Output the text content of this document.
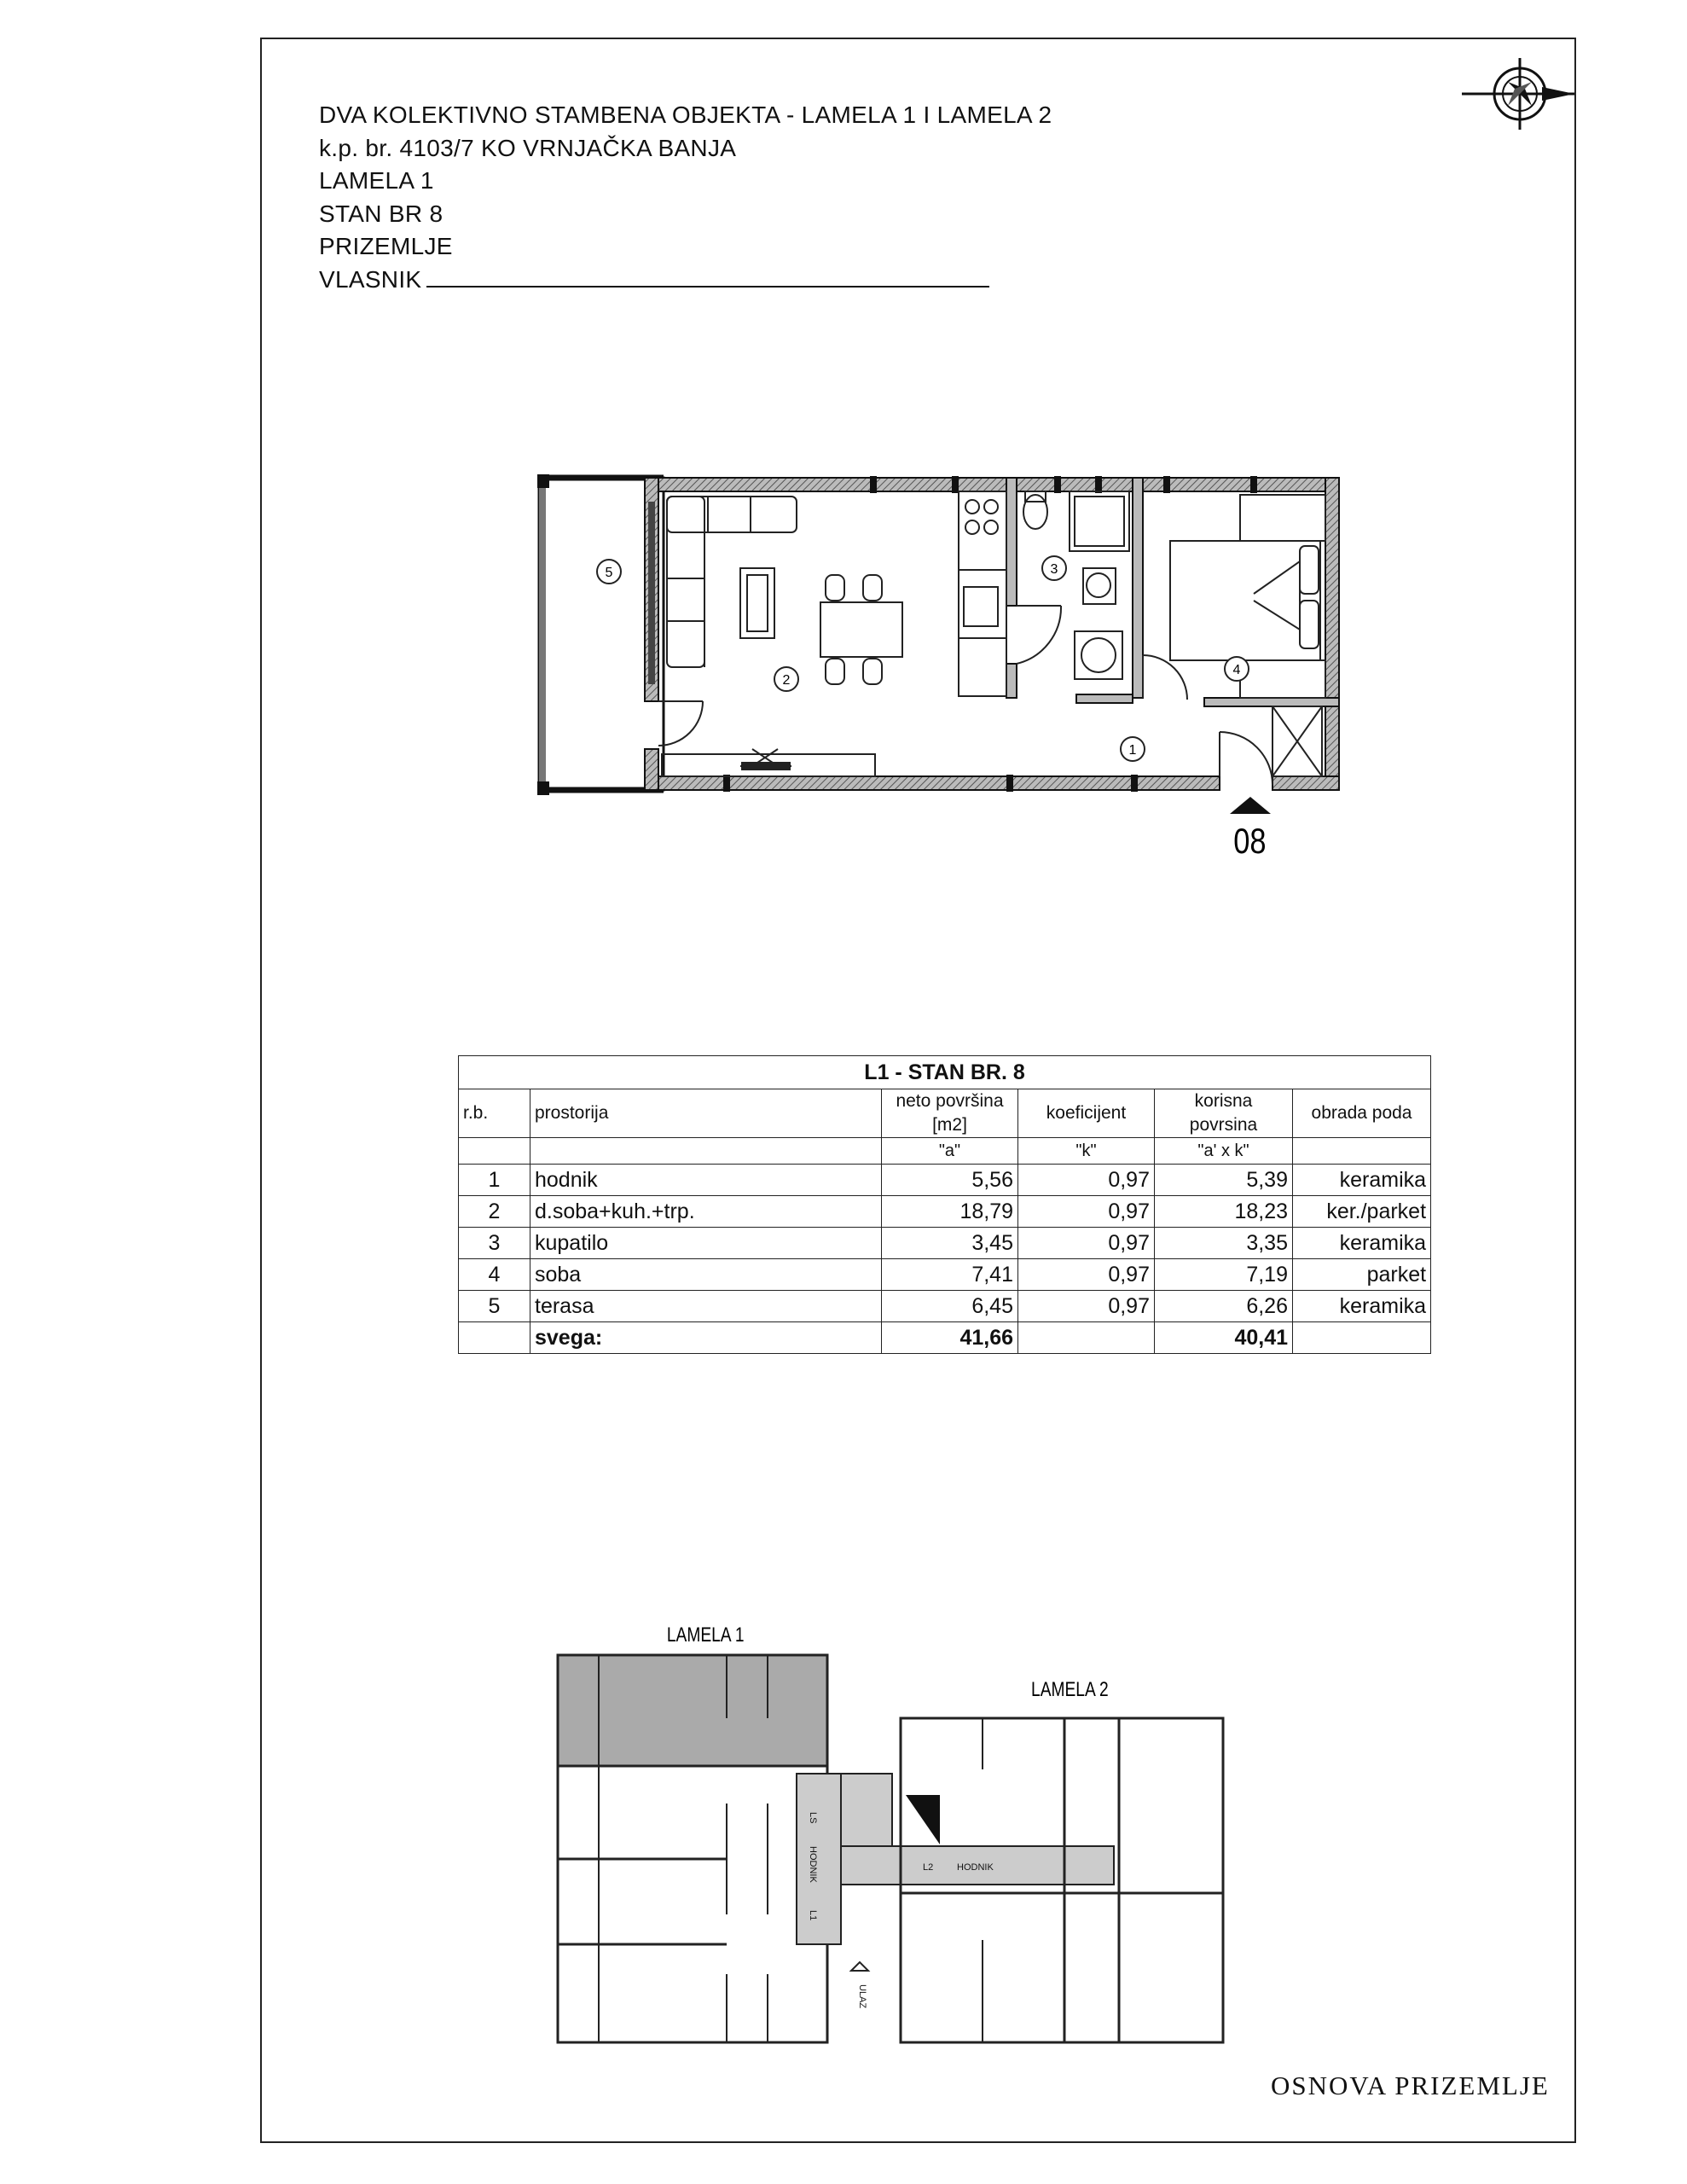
DVA KOLEKTIVNO STAMBENA OBJEKTA - LAMELA 1 I LAMELA 2
k.p. br. 4103/7 KO VRNJAČKA BANJA
LAMELA 1
STAN BR 8
PRIZEMLJE
VLASNIK
5
2
3
4
1
08
L1 - STAN BR. 8					
r.b.	prostorija	neto površina [m2]	koeficijent	korisna povrsina	obrada poda
		"a"	"k"	"a' x k"	
1	hodnik	5,56	0,97	5,39	keramika
2	d.soba+kuh.+trp.	18,79	0,97	18,23	ker./parket
3	kupatilo	3,45	0,97	3,35	keramika
4	soba	7,41	0,97	7,19	parket
5	terasa	6,45	0,97	6,26	keramika
	svega:	41,66		40,41	
LAMELA 1
LAMELA 2
LS
HODNIK
L1
L2	HODNIK
ULAZ
OSNOVA PRIZEMLJE
